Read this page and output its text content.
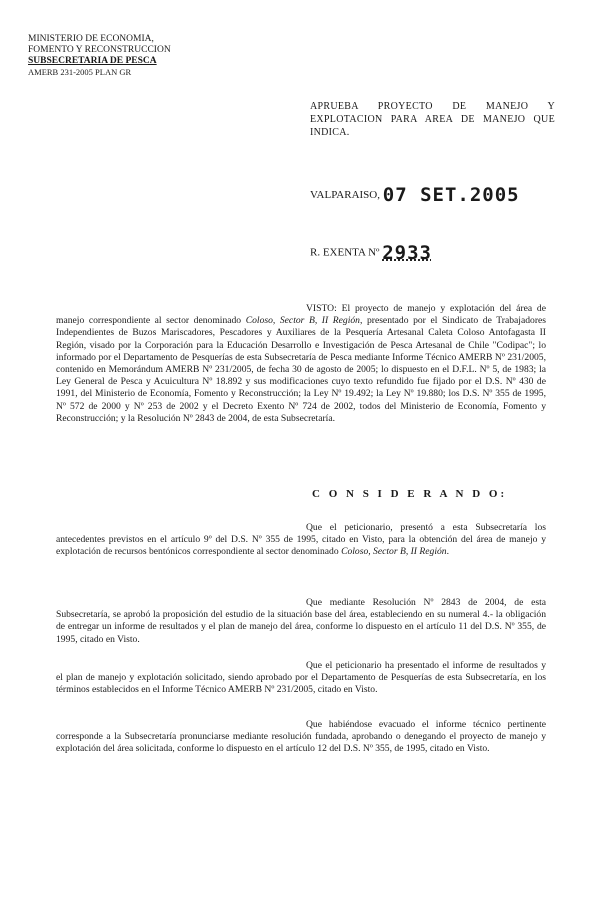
MINISTERIO DE ECONOMIA,
FOMENTO Y RECONSTRUCCION
SUBSECRETARIA DE PESCA
AMERB 231-2005 PLAN GR
APRUEBA PROYECTO DE MANEJO Y EXPLOTACION PARA AREA DE MANEJO QUE INDICA.
VALPARAISO, 07 SET.2005
R. EXENTA Nº 2933
VISTO: El proyecto de manejo y explotación del área de manejo correspondiente al sector denominado Coloso, Sector B, II Región, presentado por el Sindicato de Trabajadores Independientes de Buzos Mariscadores, Pescadores y Auxiliares de la Pesquería Artesanal Caleta Coloso Antofagasta II Región, visado por la Corporación para la Educación Desarrollo e Investigación de Pesca Artesanal de Chile "Codipac"; lo informado por el Departamento de Pesquerías de esta Subsecretaría de Pesca mediante Informe Técnico AMERB Nº 231/2005, contenido en Memorándum AMERB Nº 231/2005, de fecha 30 de agosto de 2005; lo dispuesto en el D.F.L. Nº 5, de 1983; la Ley General de Pesca y Acuicultura Nº 18.892 y sus modificaciones cuyo texto refundido fue fijado por el D.S. Nº 430 de 1991, del Ministerio de Economía, Fomento y Reconstrucción; la Ley Nº 19.492; la Ley Nº 19.880; los D.S. Nº 355 de 1995, Nº 572 de 2000 y Nº 253 de 2002 y el Decreto Exento Nº 724 de 2002, todos del Ministerio de Economía, Fomento y Reconstrucción; y la Resolución Nº 2843 de 2004, de esta Subsecretaría.
C O N S I D E R A N D O:
Que el peticionario, presentó a esta Subsecretaría los antecedentes previstos en el artículo 9º del D.S. Nº 355 de 1995, citado en Visto, para la obtención del área de manejo y explotación de recursos bentónicos correspondiente al sector denominado Coloso, Sector B, II Región.
Que mediante Resolución Nº 2843 de 2004, de esta Subsecretaría, se aprobó la proposición del estudio de la situación base del área, estableciendo en su numeral 4.- la obligación de entregar un informe de resultados y el plan de manejo del área, conforme lo dispuesto en el artículo 11 del D.S. Nº 355, de 1995, citado en Visto.
Que el peticionario ha presentado el informe de resultados y el plan de manejo y explotación solicitado, siendo aprobado por el Departamento de Pesquerías de esta Subsecretaría, en los términos establecidos en el Informe Técnico AMERB Nº 231/2005, citado en Visto.
Que habiéndose evacuado el informe técnico pertinente corresponde a la Subsecretaría pronunciarse mediante resolución fundada, aprobando o denegando el proyecto de manejo y explotación del área solicitada, conforme lo dispuesto en el artículo 12 del D.S. Nº 355, de 1995, citado en Visto.
